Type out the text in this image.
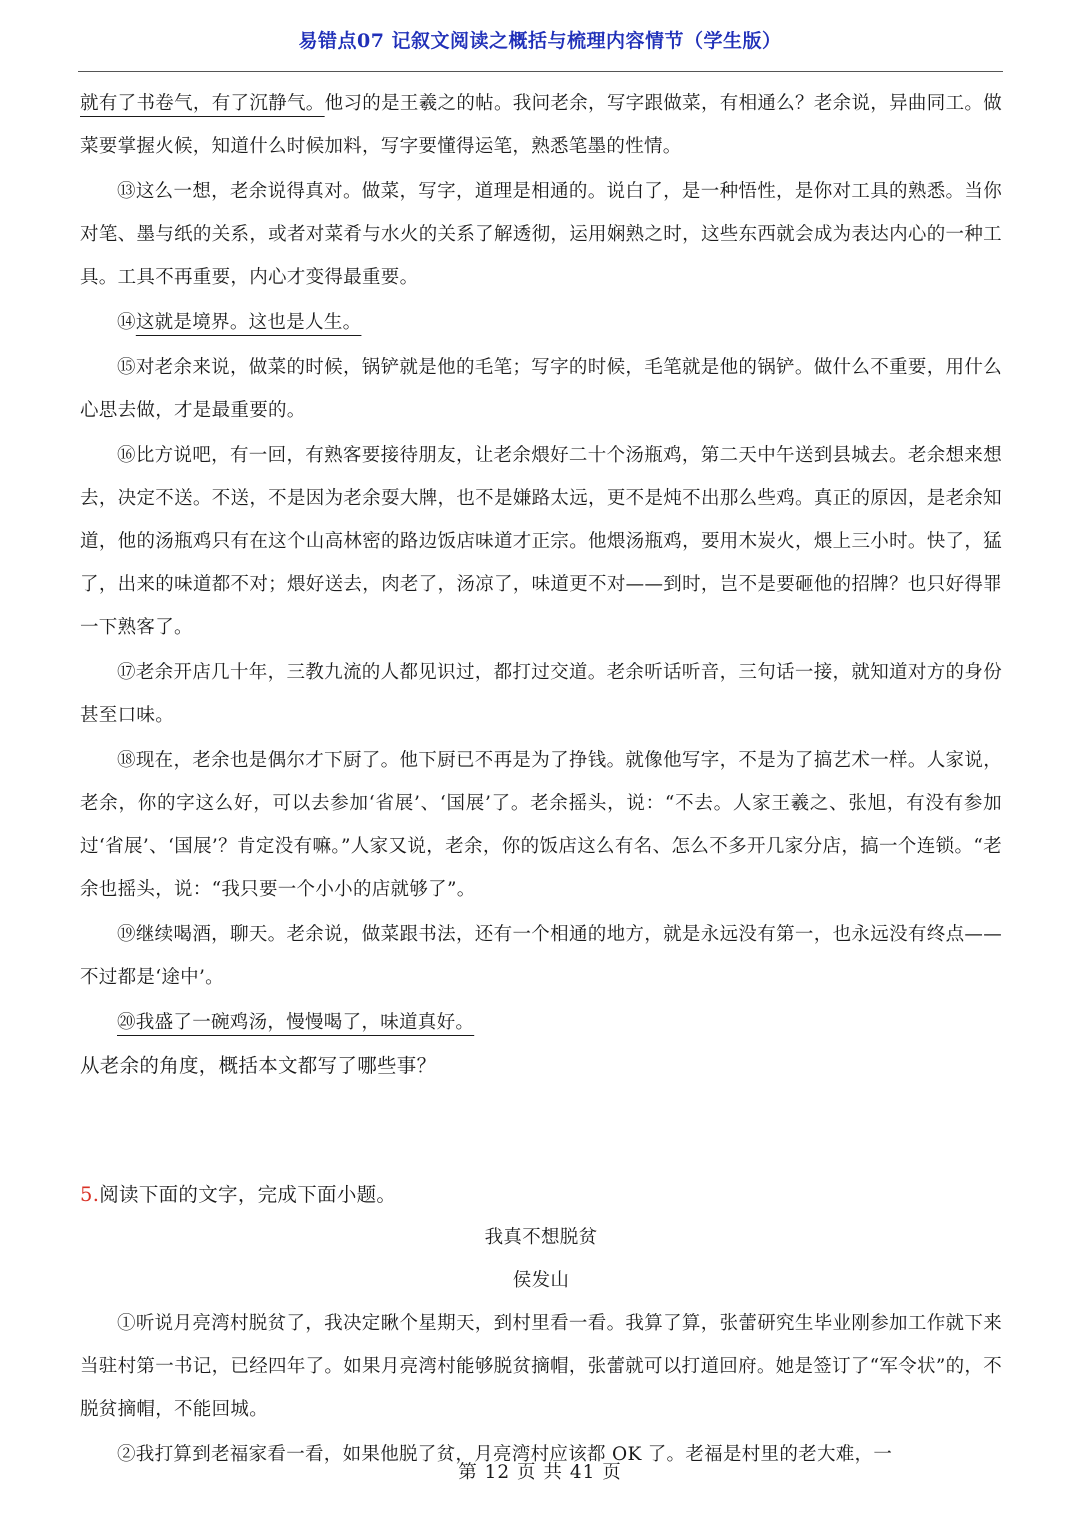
易错点07 记叙文阅读之概括与梳理内容情节（学生版）

就有了书卷气，有了沉静气。他习的是王羲之的帖。我问老余，写字跟做菜，有相通么？老余说，异曲同工。做菜要掌握火候，知道什么时候加料，写字要懂得运笔，熟悉笔墨的性情。

⑬这么一想，老余说得真对。做菜，写字，道理是相通的。说白了，是一种悟性，是你对工具的熟悉。当你对笔、墨与纸的关系，或者对菜肴与水火的关系了解透彻，运用娴熟之时，这些东西就会成为表达内心的一种工具。工具不再重要，内心才变得最重要。

⑭这就是境界。这也是人生。

⑮对老余来说，做菜的时候，锅铲就是他的毛笔；写字的时候，毛笔就是他的锅铲。做什么不重要，用什么心思去做，才是最重要的。

⑯比方说吧，有一回，有熟客要接待朋友，让老余煨好二十个汤瓶鸡，第二天中午送到县城去。老余想来想去，决定不送。不送，不是因为老余耍大牌，也不是嫌路太远，更不是炖不出那么些鸡。真正的原因，是老余知道，他的汤瓶鸡只有在这个山高林密的路边饭店味道才正宗。他煨汤瓶鸡，要用木炭火，煨上三小时。快了，猛了，出来的味道都不对；煨好送去，肉老了，汤凉了，味道更不对——到时，岂不是要砸他的招牌？也只好得罪一下熟客了。

⑰老余开店几十年，三教九流的人都见识过，都打过交道。老余听话听音，三句话一接，就知道对方的身份甚至口味。

⑱现在，老余也是偶尔才下厨了。他下厨已不再是为了挣钱。就像他写字，不是为了搞艺术一样。人家说，老余，你的字这么好，可以去参加‘省展’、‘国展’了。老余摇头，说：“不去。人家王羲之、张旭，有没有参加过‘省展’、‘国展’？肯定没有嘛。”人家又说，老余，你的饭店这么有名、怎么不多开几家分店，搞一个连锁。“老余也摇头，说：“我只要一个小小的店就够了”。

⑲继续喝酒，聊天。老余说，做菜跟书法，还有一个相通的地方，就是永远没有第一，也永远没有终点——不过都是‘途中’。

⑳我盛了一碗鸡汤，慢慢喝了，味道真好。

从老余的角度，概括本文都写了哪些事？

5.阅读下面的文字，完成下面小题。

我真不想脱贫

侯发山

①听说月亮湾村脱贫了，我决定瞅个星期天，到村里看一看。我算了算，张蕾研究生毕业刚参加工作就下来当驻村第一书记，已经四年了。如果月亮湾村能够脱贫摘帽，张蕾就可以打道回府。她是签订了“军令状”的，不脱贫摘帽，不能回城。

②我打算到老福家看一看，如果他脱了贫，月亮湾村应该都 OK 了。老福是村里的老大难，一

第 12 页 共 41 页
